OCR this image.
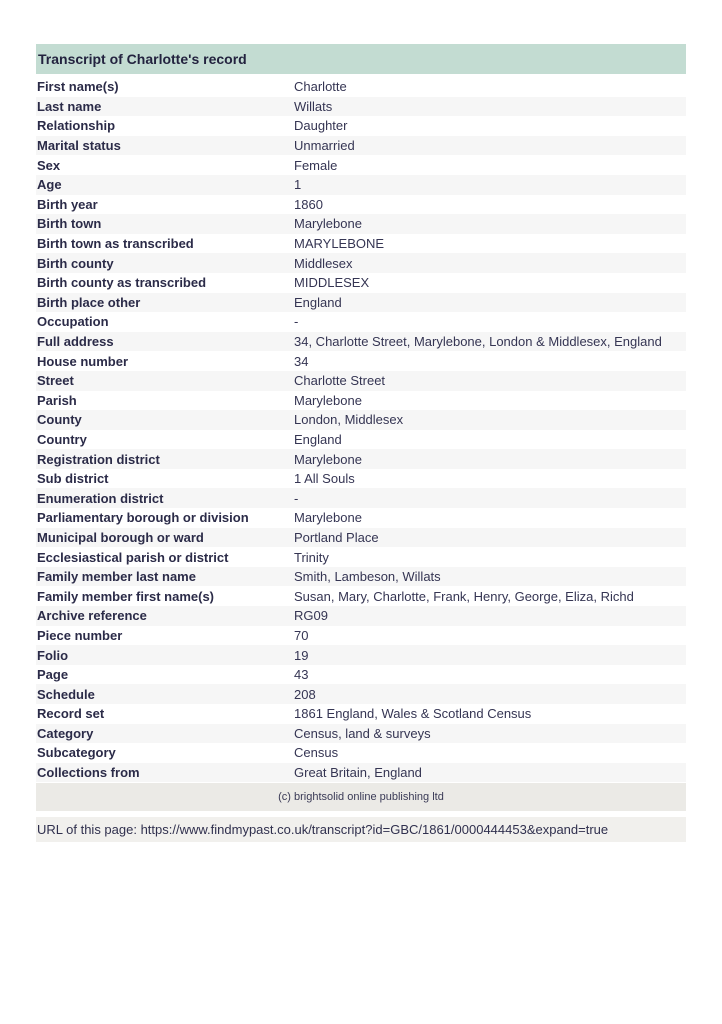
Transcript of Charlotte's record
First name(s)	Charlotte
Last name	Willats
Relationship	Daughter
Marital status	Unmarried
Sex	Female
Age	1
Birth year	1860
Birth town	Marylebone
Birth town as transcribed	MARYLEBONE
Birth county	Middlesex
Birth county as transcribed	MIDDLESEX
Birth place other	England
Occupation	-
Full address	34, Charlotte Street, Marylebone, London & Middlesex, England
House number	34
Street	Charlotte Street
Parish	Marylebone
County	London, Middlesex
Country	England
Registration district	Marylebone
Sub district	1 All Souls
Enumeration district	-
Parliamentary borough or division	Marylebone
Municipal borough or ward	Portland Place
Ecclesiastical parish or district	Trinity
Family member last name	Smith, Lambeson, Willats
Family member first name(s)	Susan, Mary, Charlotte, Frank, Henry, George, Eliza, Richd
Archive reference	RG09
Piece number	70
Folio	19
Page	43
Schedule	208
Record set	1861 England, Wales & Scotland Census
Category	Census, land & surveys
Subcategory	Census
Collections from	Great Britain, England
(c) brightsolid online publishing ltd
URL of this page: https://www.findmypast.co.uk/transcript?id=GBC/1861/0000444453&expand=true
